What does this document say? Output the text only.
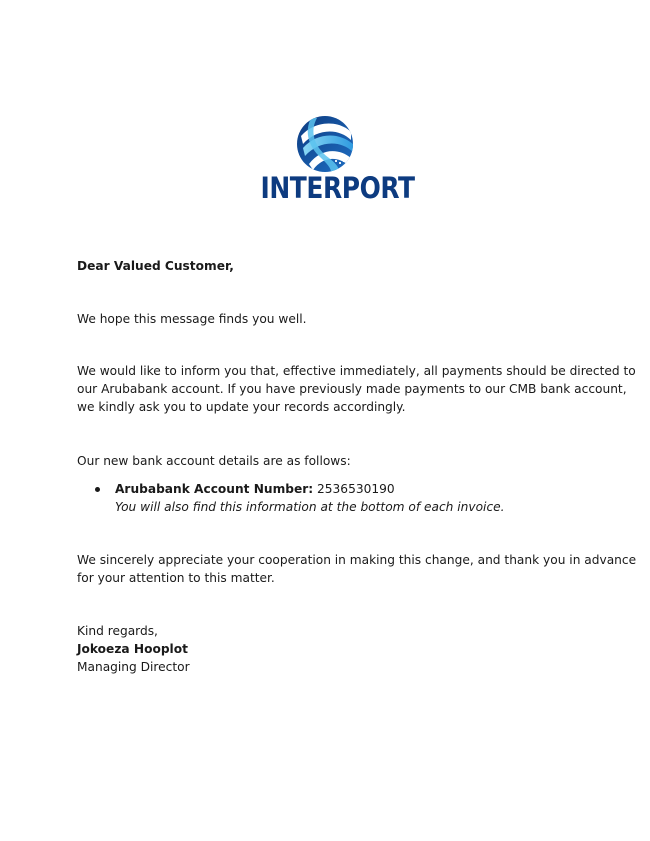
INTERPORT
Dear Valued Customer,
We hope this message finds you well.
We would like to inform you that, effective immediately, all payments should be directed to
our Arubabank account. If you have previously made payments to our CMB bank account,
we kindly ask you to update your records accordingly.
Our new bank account details are as follows:
Arubabank Account Number: 2536530190
You will also find this information at the bottom of each invoice.
We sincerely appreciate your cooperation in making this change, and thank you in advance
for your attention to this matter.
Kind regards,
Jokoeza Hooplot
Managing Director
